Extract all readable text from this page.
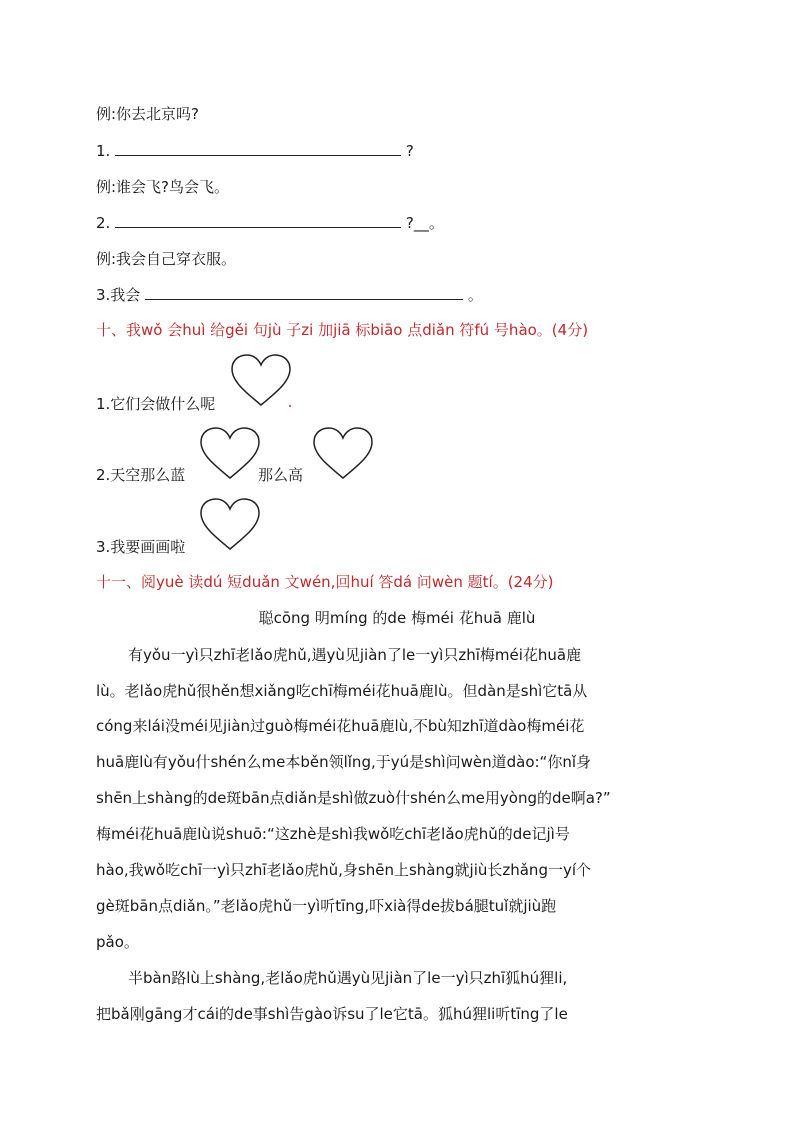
例:你去北京吗?
1.	?
例:谁会飞?鸟会飞。
2.	?__。
例:我会自己穿衣服。
3.我会	。
十、我wǒ 会huì 给gěi 句jù 子zi 加jiā 标biāo 点diǎn 符fú 号hào。(4分)
1.它们会做什么呢
2.天空那么蓝	那么高
3.我要画画啦
十一、阅yuè 读dú 短duǎn 文wén,回huí 答dá 问wèn 题tí。(24分)
聪cōng 明míng 的de 梅méi 花huā 鹿lù
有yǒu一yì只zhī老lǎo虎hǔ,遇yù见jiàn了le一yì只zhī梅méi花huā鹿
lù。老lǎo虎hǔ很hěn想xiǎng吃chī梅méi花huā鹿lù。但dàn是shì它tā从
cóng来lái没méi见jiàn过guò梅méi花huā鹿lù,不bù知zhī道dào梅méi花
huā鹿lù有yǒu什shén么me本běn领lǐng,于yú是shì问wèn道dào:“你nǐ身
shēn上shàng的de斑bān点diǎn是shì做zuò什shén么me用yòng的de啊a?”
梅méi花huā鹿lù说shuō:“这zhè是shì我wǒ吃chī老lǎo虎hǔ的de记jì号
hào,我wǒ吃chī一yì只zhī老lǎo虎hǔ,身shēn上shàng就jiù长zhǎng一yí个
gè斑bān点diǎn。”老lǎo虎hǔ一yì听tīng,吓xià得de拔bá腿tuǐ就jiù跑
pǎo。
半bàn路lù上shàng,老lǎo虎hǔ遇yù见jiàn了le一yì只zhī狐hú狸li,
把bǎ刚gāng才cái的de事shì告gào诉su了le它tā。狐hú狸li听tīng了le
